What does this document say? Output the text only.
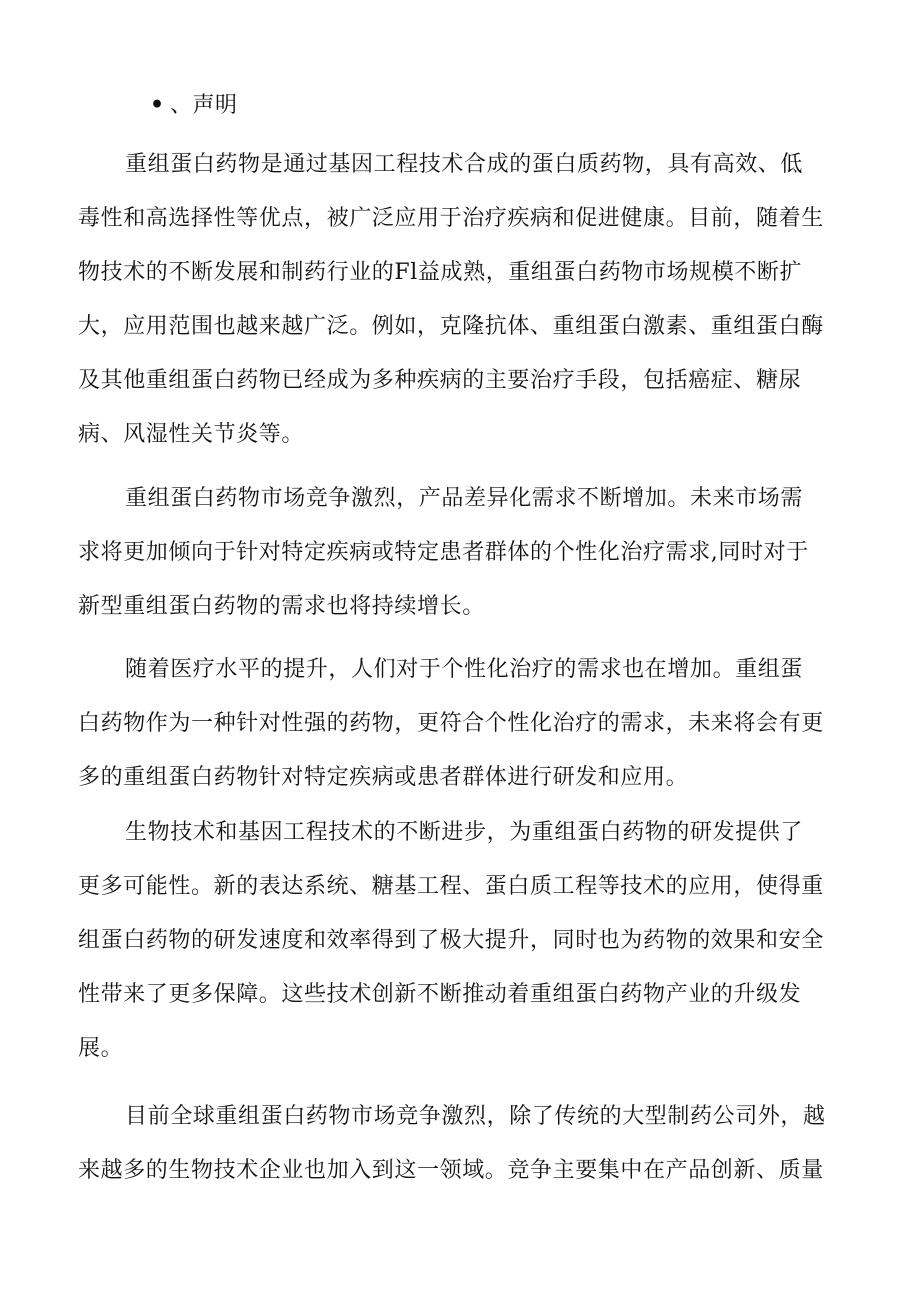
• 、声明
重组蛋白药物是通过基因工程技术合成的蛋白质药物，具有高效、低
毒性和高选择性等优点，被广泛应用于治疗疾病和促进健康。目前，随着生
物技术的不断发展和制药行业的Fl益成熟，重组蛋白药物市场规模不断扩
大，应用范围也越来越广泛。例如，克隆抗体、重组蛋白激素、重组蛋白酶
及其他重组蛋白药物已经成为多种疾病的主要治疗手段，包括癌症、糖尿
病、风湿性关节炎等。
重组蛋白药物市场竞争激烈，产品差异化需求不断增加。未来市场需
求将更加倾向于针对特定疾病或特定患者群体的个性化治疗需求,同时对于
新型重组蛋白药物的需求也将持续增长。
随着医疗水平的提升，人们对于个性化治疗的需求也在增加。重组蛋
白药物作为一种针对性强的药物，更符合个性化治疗的需求，未来将会有更
多的重组蛋白药物针对特定疾病或患者群体进行研发和应用。
生物技术和基因工程技术的不断进步，为重组蛋白药物的研发提供了
更多可能性。新的表达系统、糖基工程、蛋白质工程等技术的应用，使得重
组蛋白药物的研发速度和效率得到了极大提升，同时也为药物的效果和安全
性带来了更多保障。这些技术创新不断推动着重组蛋白药物产业的升级发
展。
目前全球重组蛋白药物市场竞争激烈，除了传统的大型制药公司外，越
来越多的生物技术企业也加入到这一领域。竞争主要集中在产品创新、质量
